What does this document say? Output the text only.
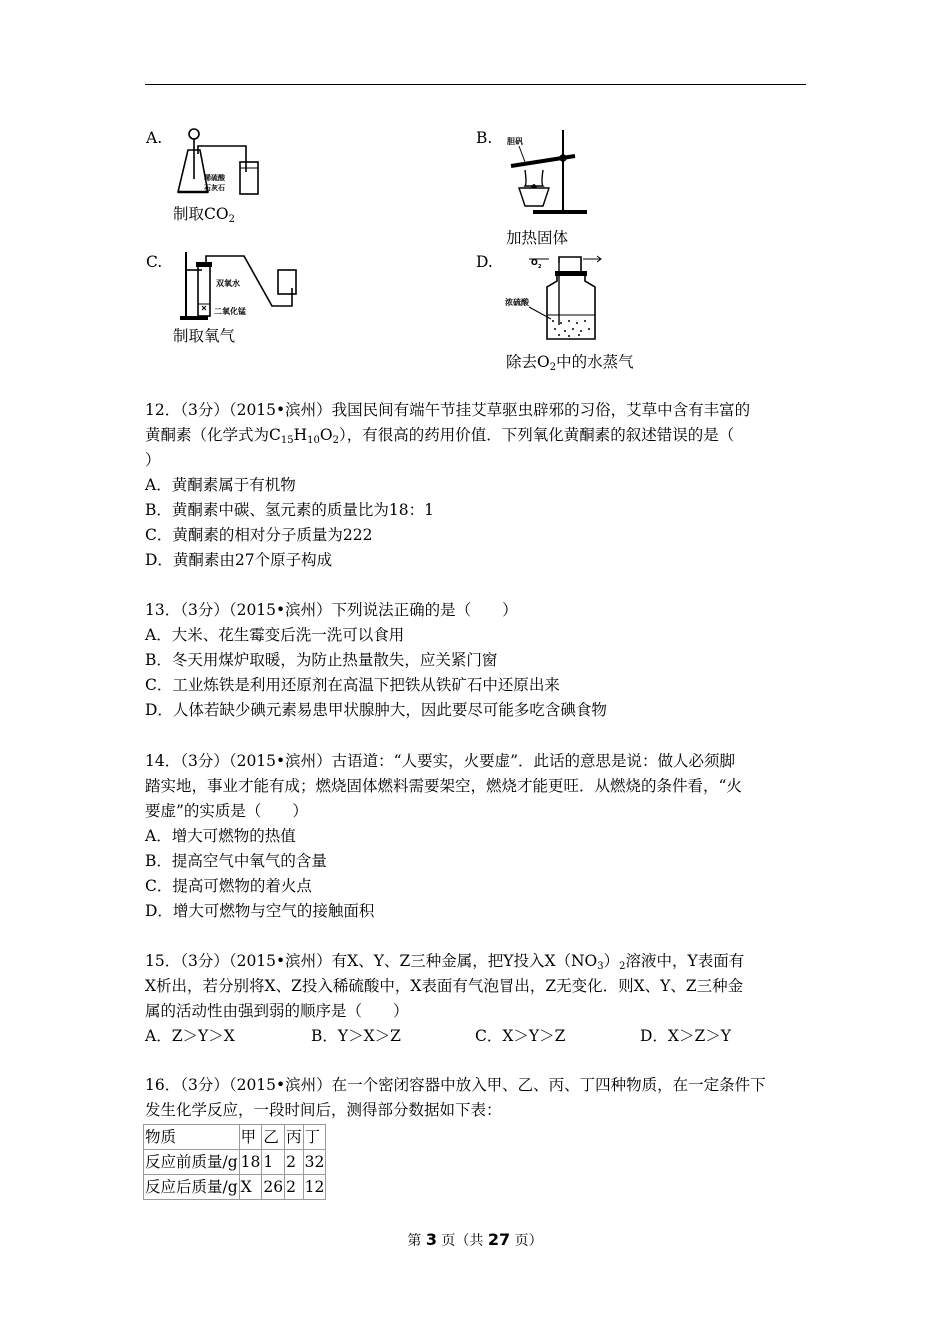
A.
稀硫酸
石灰石
制取$CO_2$
B. 胆矾
加热固体
C.
双氧水
二氧化锰
制取氧气
D.	O 2
浓硫酸
除去$O_2$中的水蒸气

12．（3分）（2015•滨州）我国民间有端午节挂艾草驱虫辟邪的习俗，艾草中含有丰富的

黄酮素（化学式为$C_{15}H_{10}O_2$），有很高的药用价值．下列氧化黄酮素的叙述错误的是（

）

A．黄酮素属于有机物

B．黄酮素中碳、氢元素的质量比为18：1

C．黄酮素的相对分子质量为222

D．黄酮素由27个原子构成

13．（3分）（2015•滨州）下列说法正确的是（　　）

A．大米、花生霉变后洗一洗可以食用

B．冬天用煤炉取暖，为防止热量散失，应关紧门窗

C．工业炼铁是利用还原剂在高温下把铁从铁矿石中还原出来

D．人体若缺少碘元素易患甲状腺肿大，因此要尽可能多吃含碘食物

14．（3分）（2015•滨州）古语道：“人要实，火要虚”．此话的意思是说：做人必须脚

踏实地，事业才能有成；燃烧固体燃料需要架空，燃烧才能更旺．从燃烧的条件看，“火

要虚”的实质是（　　）

A．增大可燃物的热值

B．提高空气中氧气的含量

C．提高可燃物的着火点

D．增大可燃物与空气的接触面积

15．（3分）（2015•滨州）有X、Y、Z三种金属，把Y投入$X(NO_3)_2$溶液中，Y表面有

X析出，若分别将X、Z投入稀硫酸中，X表面有气泡冒出，Z无变化．则X、Y、Z三种金

属的活动性由强到弱的顺序是（　　）

A．Z＞Y＞X	B．Y＞X＞Z	C．X＞Y＞Z	D．X＞Z＞Y

16．（3分）（2015•滨州）在一个密闭容器中放入甲、乙、丙、丁四种物质，在一定条件下

发生化学反应，一段时间后，测得部分数据如下表：

物质	甲	乙	丙	丁
反应前质量/g	18	1	2	32
反应后质量/g	X	26	2	12
第 3 页（共 27 页）
